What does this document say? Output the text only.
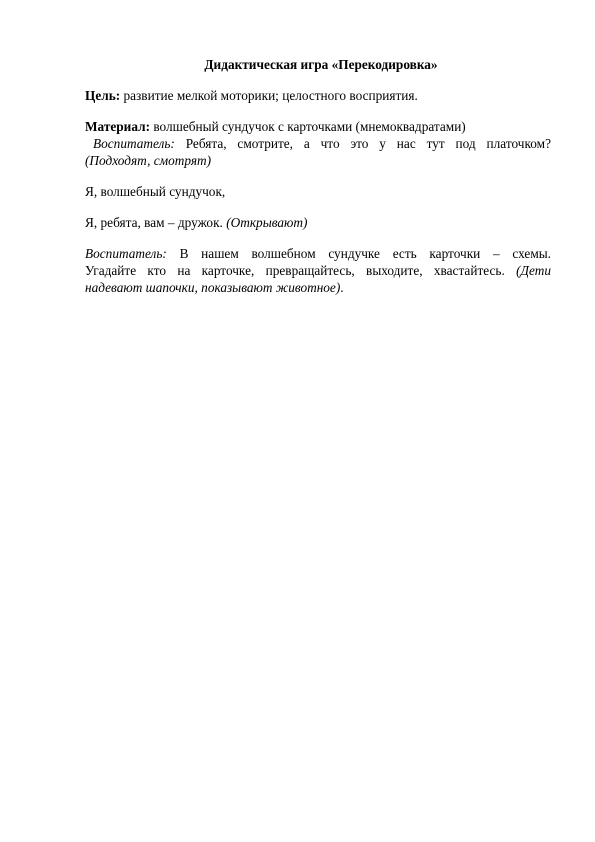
Дидактическая игра «Перекодировка»

Цель: развитие мелкой моторики; целостного восприятия.

Материал: волшебный сундучок с карточками (мнемоквадратами)

Воспитатель: Ребята, смотрите, а что это у нас тут под платочком?

(Подходят, смотрят)

Я, волшебный сундучок,

Я, ребята, вам – дружок. (Открывают)

Воспитатель: В нашем волшебном сундучке есть карточки – схемы.

Угадайте кто на карточке, превращайтесь, выходите, хвастайтесь. (Дети

надевают шапочки, показывают животное).
